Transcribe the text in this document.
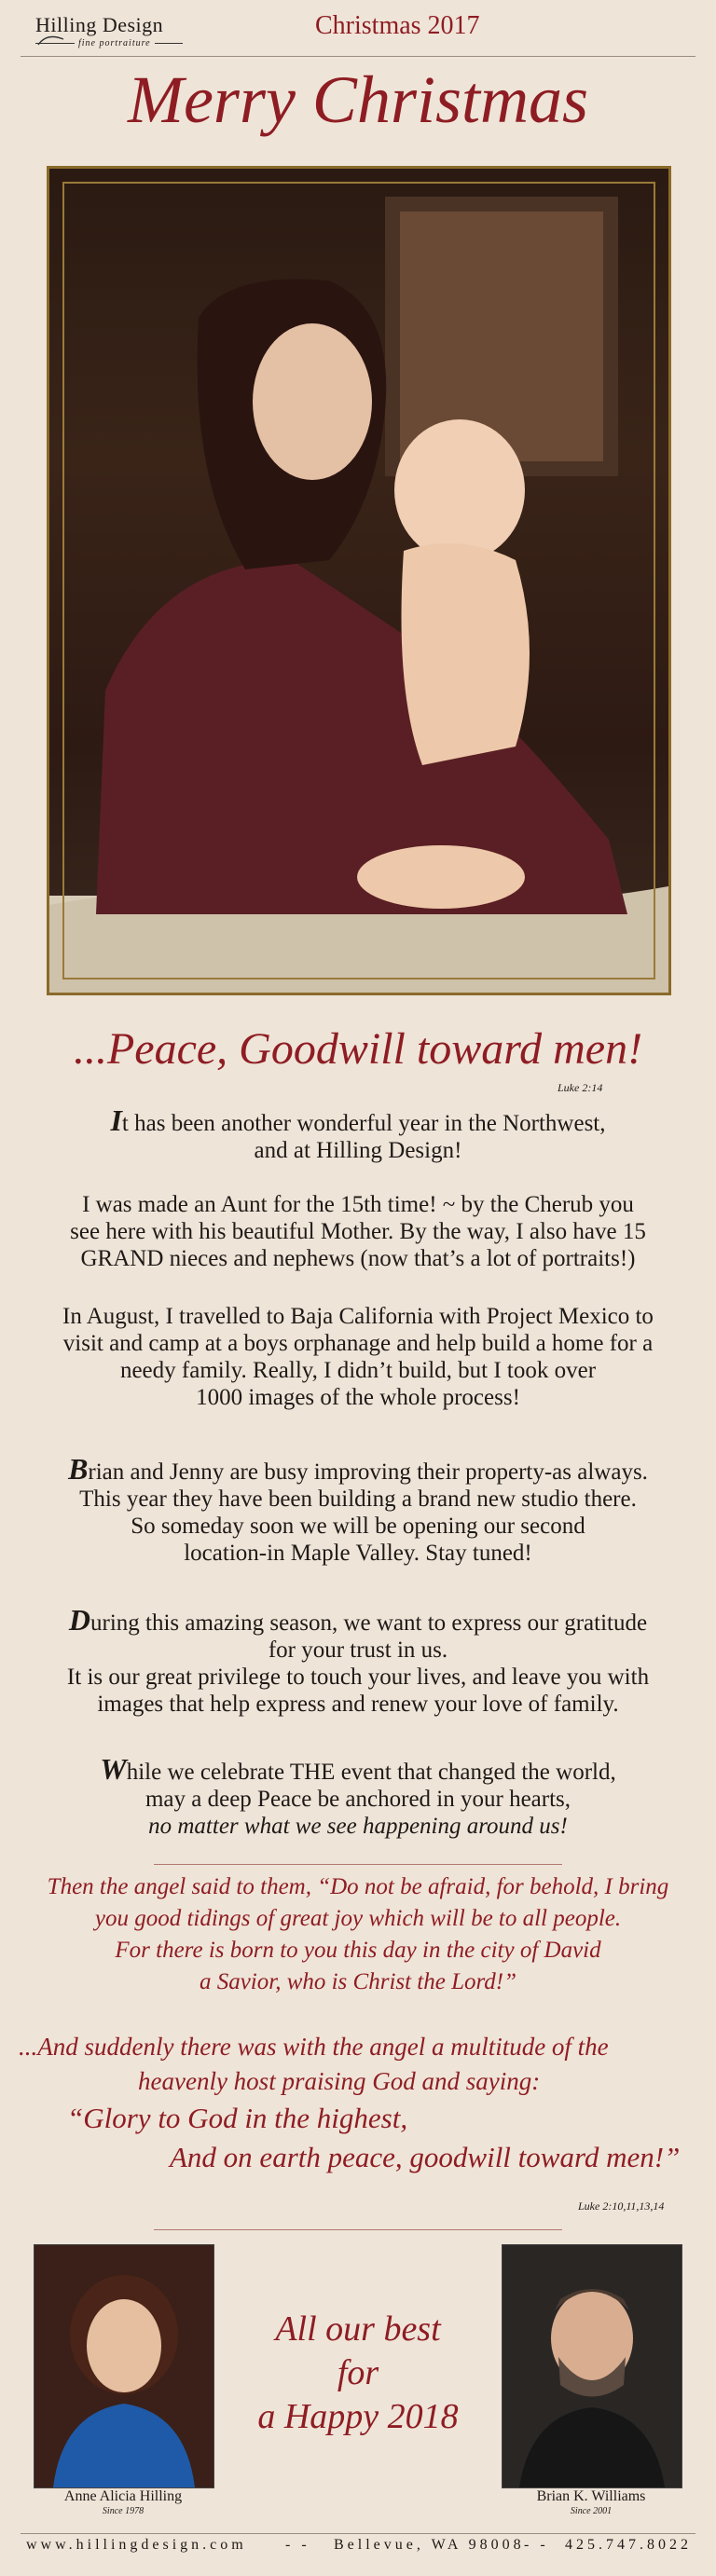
Hilling Design
fine portraiture
Christmas 2017
Merry Christmas
...Peace, Goodwill toward men!
Luke 2:14
It has been another wonderful year in the Northwest,
and at Hilling Design!
I was made an Aunt for the 15th time! ~ by the Cherub you
see here with his beautiful Mother. By the way, I also have 15
GRAND nieces and nephews (now that’s a lot of portraits!)
In August, I travelled to Baja California with Project Mexico to
visit and camp at a boys orphanage and help build a home for a
needy family. Really, I didn’t build, but I took over
1000 images of the whole process!
Brian and Jenny are busy improving their property-as always.
This year they have been building a brand new studio there.
So someday soon we will be opening our second
location-in Maple Valley. Stay tuned!
During this amazing season, we want to express our gratitude
for your trust in us.
It is our great privilege to touch your lives, and leave you with
images that help express and renew your love of family.
While we celebrate THE event that changed the world,
may a deep Peace be anchored in your hearts,
no matter what we see happening around us!
Then the angel said to them, “Do not be afraid, for behold, I bring
you good tidings of great joy which will be to all people.
For there is born to you this day in the city of David
a Savior, who is Christ the Lord!”
...And suddenly there was with the angel a multitude of the
heavenly host praising God and saying:
“Glory to God in the highest,
And on earth peace, goodwill toward men!”
Luke 2:10,11,13,14
Anne Alicia Hilling
Since 1978
All our best
for
a Happy 2018
Brian K. Williams
Since 2001
www.hillingdesign.com	- - Bellevue, WA 98008 - - 425.747.8022
